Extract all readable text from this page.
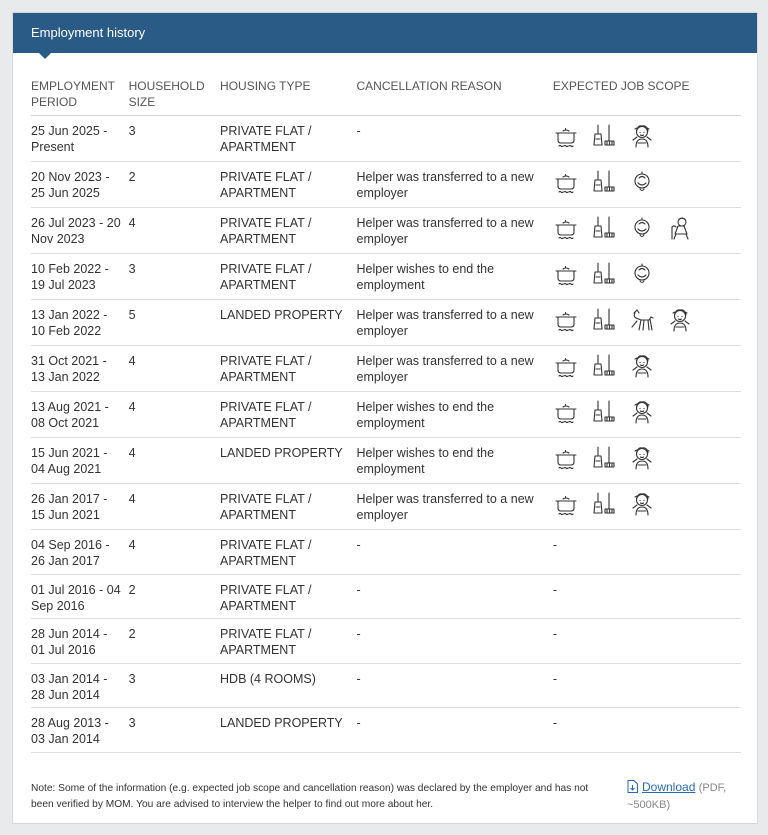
Employment history
EMPLOYMENT PERIOD	HOUSEHOLD SIZE	HOUSING TYPE	CANCELLATION REASON	EXPECTED JOB SCOPE
25 Jun 2025 - Present	3	PRIVATE FLAT / APARTMENT	-	

20 Nov 2023 - 25 Jun 2025	2	PRIVATE FLAT / APARTMENT	Helper was transferred to a new employer	

26 Jul 2023 - 20 Nov 2023	4	PRIVATE FLAT / APARTMENT	Helper was transferred to a new employer	

10 Feb 2022 - 19 Jul 2023	3	PRIVATE FLAT / APARTMENT	Helper wishes to end the employment	

13 Jan 2022 - 10 Feb 2022	5	LANDED PROPERTY	Helper was transferred to a new employer	

31 Oct 2021 - 13 Jan 2022	4	PRIVATE FLAT / APARTMENT	Helper was transferred to a new employer	

13 Aug 2021 - 08 Oct 2021	4	PRIVATE FLAT / APARTMENT	Helper wishes to end the employment	

15 Jun 2021 - 04 Aug 2021	4	LANDED PROPERTY	Helper wishes to end the employment	

26 Jan 2017 - 15 Jun 2021	4	PRIVATE FLAT / APARTMENT	Helper was transferred to a new employer	

04 Sep 2016 - 26 Jan 2017	4	PRIVATE FLAT / APARTMENT	-	-
01 Jul 2016 - 04 Sep 2016	2	PRIVATE FLAT / APARTMENT	-	-
28 Jun 2014 - 01 Jul 2016	2	PRIVATE FLAT / APARTMENT	-	-
03 Jan 2014 - 28 Jun 2014	3	HDB (4 ROOMS)	-	-
28 Aug 2013 - 03 Jan 2014	3	LANDED PROPERTY	-	-
Note: Some of the information (e.g. expected job scope and cancellation reason) was declared by the employer and has not been verified by MOM. You are advised to interview the helper to find out more about her.
Download (PDF, ~500KB)
